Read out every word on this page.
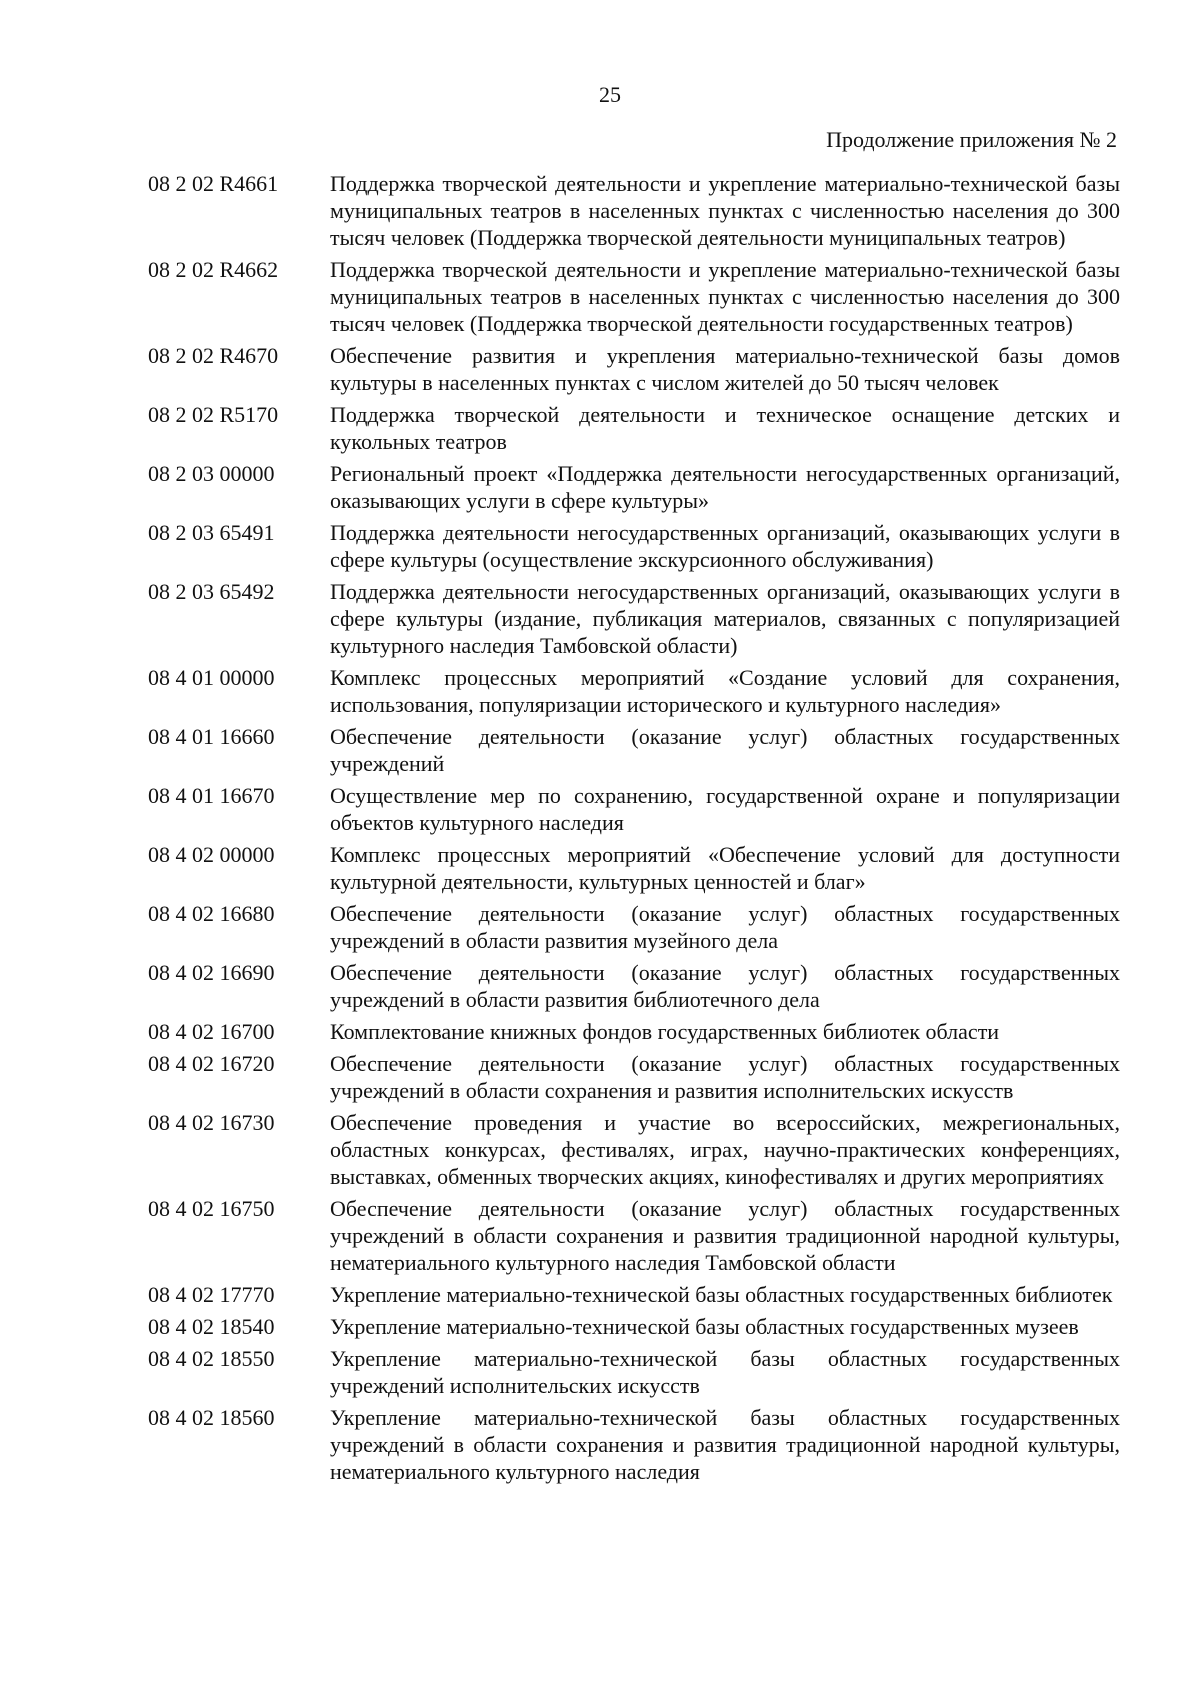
25
Продолжение приложения № 2
08 2 02 R4661	Поддержка творческой деятельности и укрепление материально-технической базы муниципальных театров в населенных пунктах с численностью населения до 300 тысяч человек (Поддержка творческой деятельности муниципальных театров)
08 2 02 R4662	Поддержка творческой деятельности и укрепление материально-технической базы муниципальных театров в населенных пунктах с численностью населения до 300 тысяч человек (Поддержка творческой деятельности государственных театров)
08 2 02 R4670	Обеспечение развития и укрепления материально-технической базы домов культуры в населенных пунктах с числом жителей до 50 тысяч человек
08 2 02 R5170	Поддержка творческой деятельности и техническое оснащение детских и кукольных театров
08 2 03 00000	Региональный проект «Поддержка деятельности негосударственных организаций, оказывающих услуги в сфере культуры»
08 2 03 65491	Поддержка деятельности негосударственных организаций, оказывающих услуги в сфере культуры (осуществление экскурсионного обслуживания)
08 2 03 65492	Поддержка деятельности негосударственных организаций, оказывающих услуги в сфере культуры (издание, публикация материалов, связанных с популяризацией культурного наследия Тамбовской области)
08 4 01 00000	Комплекс процессных мероприятий «Создание условий для сохранения, использования, популяризации исторического и культурного наследия»
08 4 01 16660	Обеспечение деятельности (оказание услуг) областных государственных учреждений
08 4 01 16670	Осуществление мер по сохранению, государственной охране и популяризации объектов культурного наследия
08 4 02 00000	Комплекс процессных мероприятий «Обеспечение условий для доступности культурной деятельности, культурных ценностей и благ»
08 4 02 16680	Обеспечение деятельности (оказание услуг) областных государственных учреждений в области развития музейного дела
08 4 02 16690	Обеспечение деятельности (оказание услуг) областных государственных учреждений в области развития библиотечного дела
08 4 02 16700	Комплектование книжных фондов государственных библиотек области
08 4 02 16720	Обеспечение деятельности (оказание услуг) областных государственных учреждений в области сохранения и развития исполнительских искусств
08 4 02 16730	Обеспечение проведения и участие во всероссийских, межрегиональных, областных конкурсах, фестивалях, играх, научно-практических конференциях, выставках, обменных творческих акциях, кинофестивалях и других мероприятиях
08 4 02 16750	Обеспечение деятельности (оказание услуг) областных государственных учреждений в области сохранения и развития традиционной народной культуры, нематериального культурного наследия Тамбовской области
08 4 02 17770	Укрепление материально-технической базы областных государственных библиотек
08 4 02 18540	Укрепление материально-технической базы областных государственных музеев
08 4 02 18550	Укрепление материально-технической базы областных государственных учреждений исполнительских искусств
08 4 02 18560	Укрепление материально-технической базы областных государственных учреждений в области сохранения и развития традиционной народной культуры, нематериального культурного наследия
